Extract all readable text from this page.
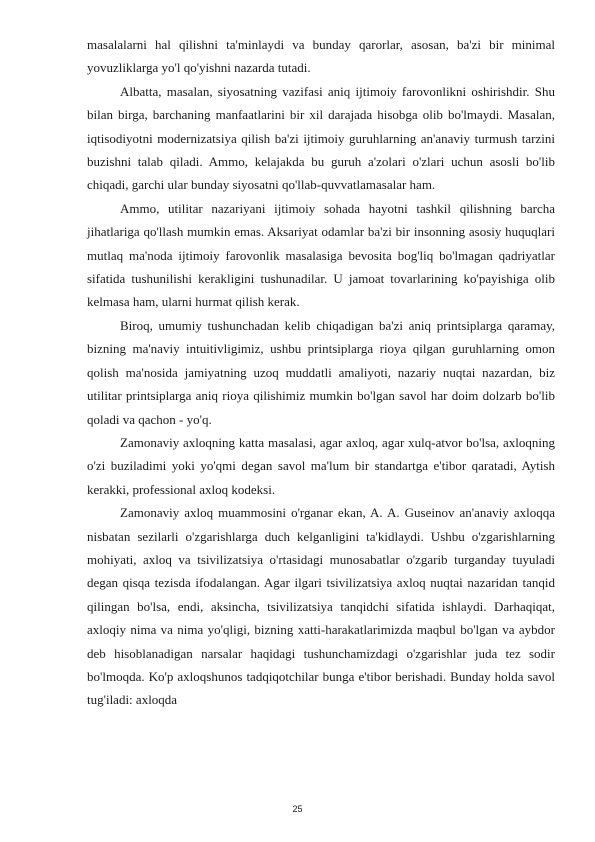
masalalarni hal qilishni ta'minlaydi va bunday qarorlar, asosan, ba'zi bir minimal yovuzliklarga yo'l qo'yishni nazarda tutadi.

Albatta, masalan, siyosatning vazifasi aniq ijtimoiy farovonlikni oshirishdir. Shu bilan birga, barchaning manfaatlarini bir xil darajada hisobga olib bo'lmaydi. Masalan, iqtisodiyotni modernizatsiya qilish ba'zi ijtimoiy guruhlarning an'anaviy turmush tarzini buzishni talab qiladi. Ammo, kelajakda bu guruh a'zolari o'zlari uchun asosli bo'lib chiqadi, garchi ular bunday siyosatni qo'llab-quvvatlamasalar ham.

Ammo, utilitar nazariyani ijtimoiy sohada hayotni tashkil qilishning barcha jihatlariga qo'llash mumkin emas. Aksariyat odamlar ba'zi bir insonning asosiy huquqlari mutlaq ma'noda ijtimoiy farovonlik masalasiga bevosita bog'liq bo'lmagan qadriyatlar sifatida tushunilishi kerakligini tushunadilar. U jamoat tovarlarining ko'payishiga olib kelmasa ham, ularni hurmat qilish kerak.

Biroq, umumiy tushunchadan kelib chiqadigan ba'zi aniq printsiplarga qaramay, bizning ma'naviy intuitivligimiz, ushbu printsiplarga rioya qilgan guruhlarning omon qolish ma'nosida jamiyatning uzoq muddatli amaliyoti, nazariy nuqtai nazardan, biz utilitar printsiplarga aniq rioya qilishimiz mumkin bo'lgan savol har doim dolzarb bo'lib qoladi va qachon - yo'q.

Zamonaviy axloqning katta masalasi, agar axloq, agar xulq-atvor bo'lsa, axloqning o'zi buziladimi yoki yo'qmi degan savol ma'lum bir standartga e'tibor qaratadi, Aytish kerakki, professional axloq kodeksi.

Zamonaviy axloq muammosini o'rganar ekan, A. A. Guseinov an'anaviy axloqqa nisbatan sezilarli o'zgarishlarga duch kelganligini ta'kidlaydi. Ushbu o'zgarishlarning mohiyati, axloq va tsivilizatsiya o'rtasidagi munosabatlar o'zgarib turganday tuyuladi degan qisqa tezisda ifodalangan. Agar ilgari tsivilizatsiya axloq nuqtai nazaridan tanqid qilingan bo'lsa, endi, aksincha, tsivilizatsiya tanqidchi sifatida ishlaydi. Darhaqiqat, axloqiy nima va nima yo'qligi, bizning xatti-harakatlarimizda maqbul bo'lgan va aybdor deb hisoblanadigan narsalar haqidagi tushunchamizdagi o'zgarishlar juda tez sodir bo'lmoqda. Ko'p axloqshunos tadqiqotchilar bunga e'tibor berishadi. Bunday holda savol tug'iladi: axloqda

25
